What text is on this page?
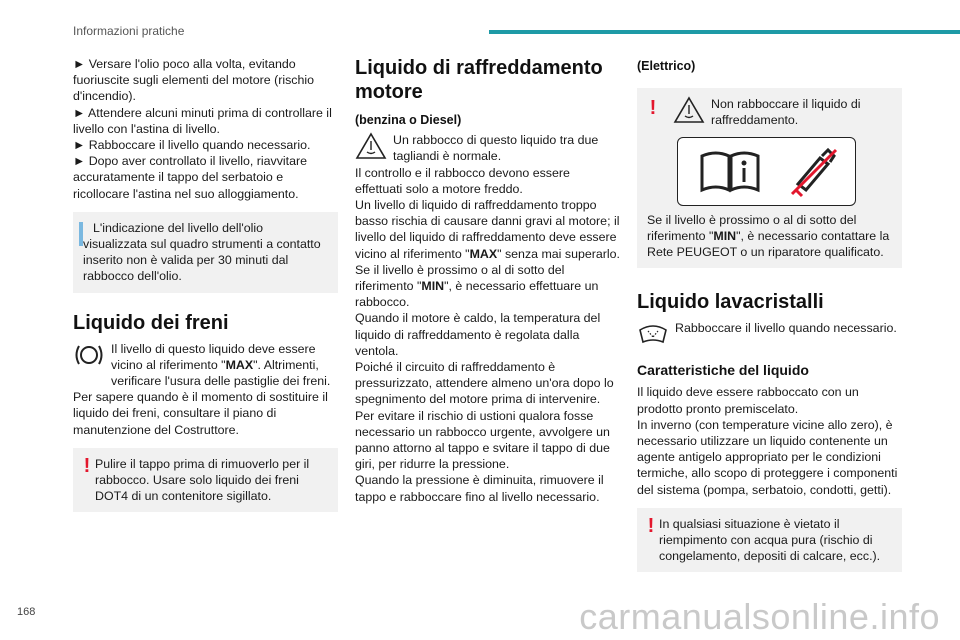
Informazioni pratiche

► Versare l'olio poco alla volta, evitando fuoriuscite sugli elementi del motore (rischio d'incendio).

► Attendere alcuni minuti prima di controllare il livello con l'astina di livello.

► Rabboccare il livello quando necessario.

► Dopo aver controllato il livello, riavvitare accuratamente il tappo del serbatoio e ricollocare l'astina nel suo alloggiamento.

L'indicazione del livello dell'olio visualizzata sul quadro strumenti a contatto inserito non è valida per 30 minuti dal rabbocco dell'olio.

Liquido dei freni

Il livello di questo liquido deve essere vicino al riferimento "MAX". Altrimenti, verificare l'usura delle pastiglie dei freni.

Per sapere quando è il momento di sostituire il liquido dei freni, consultare il piano di manutenzione del Costruttore.

! Pulire il tappo prima di rimuoverlo per il rabbocco. Usare solo liquido dei freni DOT4 di un contenitore sigillato.

Liquido di raffreddamento motore
(benzina o Diesel)

Un rabbocco di questo liquido tra due tagliandi è normale.

Il controllo e il rabbocco devono essere effettuati solo a motore freddo.

Un livello di liquido di raffreddamento troppo basso rischia di causare danni gravi al motore; il livello del liquido di raffreddamento deve essere vicino al riferimento "MAX" senza mai superarlo.

Se il livello è prossimo o al di sotto del riferimento "MIN", è necessario effettuare un rabbocco.

Quando il motore è caldo, la temperatura del liquido di raffreddamento è regolata dalla ventola.

Poiché il circuito di raffreddamento è pressurizzato, attendere almeno un'ora dopo lo spegnimento del motore prima di intervenire.

Per evitare il rischio di ustioni qualora fosse necessario un rabbocco urgente, avvolgere un panno attorno al tappo e svitare il tappo di due giri, per ridurre la pressione.

Quando la pressione è diminuita, rimuovere il tappo e rabboccare fino al livello necessario.

(Elettrico)
!	Non rabboccare il liquido di raffreddamento.

Se il livello è prossimo o al di sotto del riferimento "MIN", è necessario contattare la Rete PEUGEOT o un riparatore qualificato.

Liquido lavacristalli

Rabboccare il livello quando necessario.

Caratteristiche del liquido

Il liquido deve essere rabboccato con un prodotto pronto premiscelato.

In inverno (con temperature vicine allo zero), è necessario utilizzare un liquido contenente un agente antigelo appropriato per le condizioni termiche, allo scopo di proteggere i componenti del sistema (pompa, serbatoio, condotti, getti).

! In qualsiasi situazione è vietato il riempimento con acqua pura (rischio di congelamento, depositi di calcare, ecc.).

168	carmanualsonline.info
